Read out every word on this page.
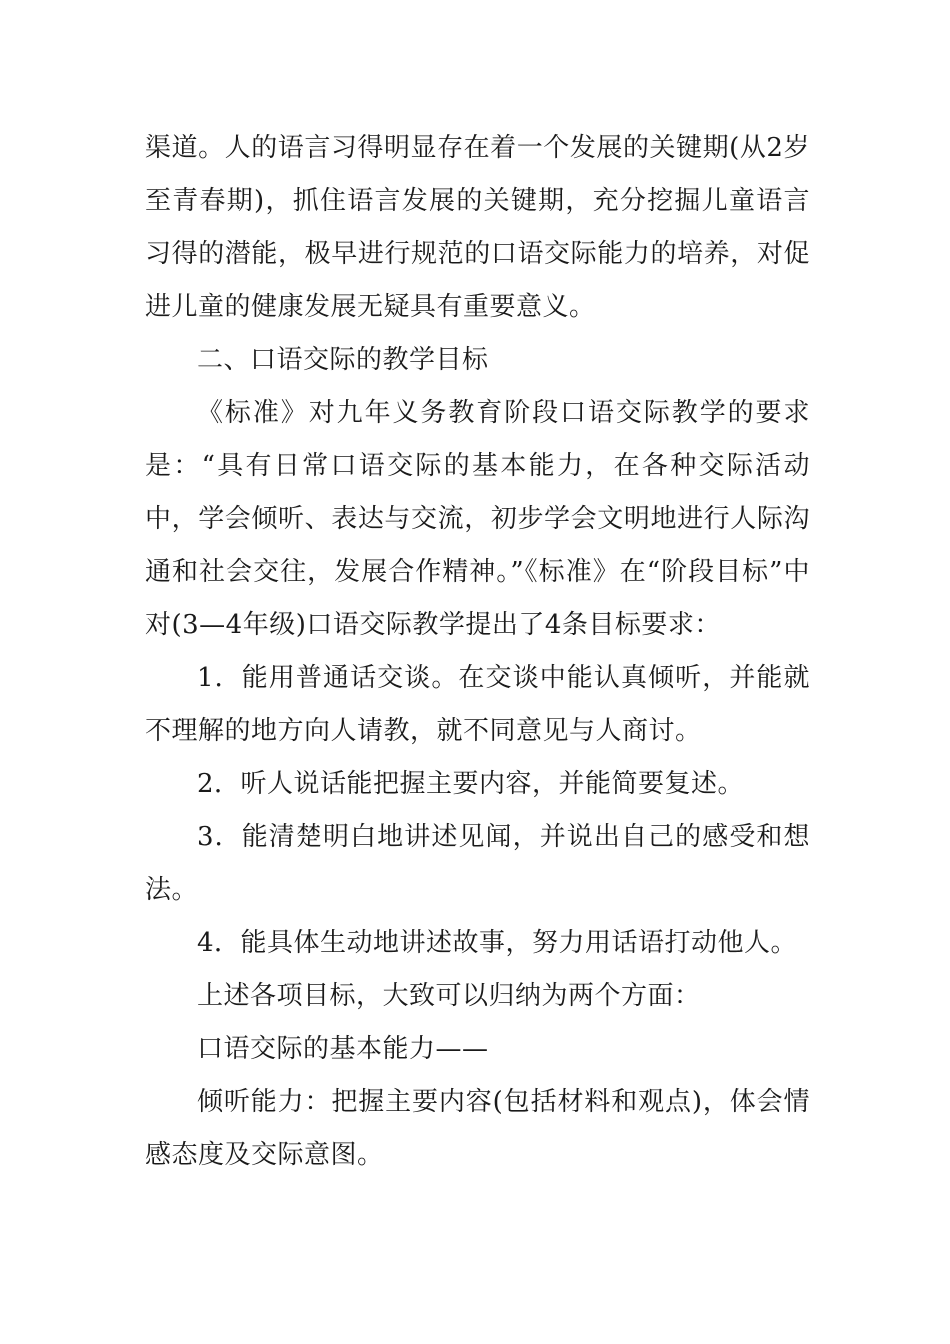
渠道。人的语言习得明显存在着一个发展的关键期(从2岁至青春期)，抓住语言发展的关键期，充分挖掘儿童语言习得的潜能，极早进行规范的口语交际能力的培养，对促进儿童的健康发展无疑具有重要意义。

二、口语交际的教学目标

《标准》对九年义务教育阶段口语交际教学的要求是：“具有日常口语交际的基本能力，在各种交际活动中，学会倾听、表达与交流，初步学会文明地进行人际沟通和社会交往，发展合作精神。”《标准》在“阶段目标”中对(3—4年级)口语交际教学提出了4条目标要求：

1．能用普通话交谈。在交谈中能认真倾听，并能就不理解的地方向人请教，就不同意见与人商讨。

2．听人说话能把握主要内容，并能简要复述。

3．能清楚明白地讲述见闻，并说出自己的感受和想法。

4．能具体生动地讲述故事，努力用话语打动他人。

上述各项目标，大致可以归纳为两个方面：

口语交际的基本能力——

倾听能力：把握主要内容(包括材料和观点)，体会情感态度及交际意图。
